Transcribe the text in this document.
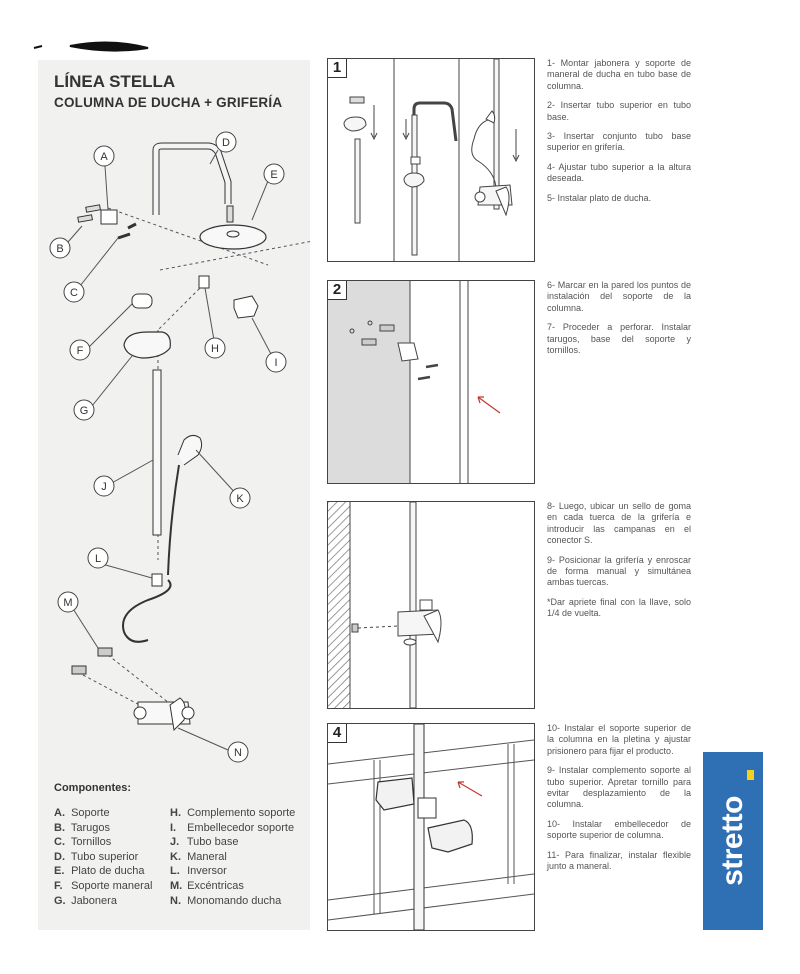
LÍNEA STELLA
COLUMNA DE DUCHA + GRIFERÍA
A
B
C
D
E
F
G
H
I
J
K
L
M
N
Componentes:
A. Soporte
B. Tarugos
C. Tornillos
D. Tubo superior
E. Plato de ducha
F. Soporte maneral
G. Jabonera
H. Complemento soporte
I. Embellecedor soporte
J. Tubo base
K. Maneral
L. Inversor
M. Excéntricas
N. Monomando ducha
1	1- Montar jabonera y soporte de maneral de ducha en tubo base de columna.

2- Insertar tubo superior en tubo base.

3- Insertar conjunto tubo base superior en grifería.

4- Ajustar tubo superior a la altura deseada.

5- Instalar plato de ducha.

2	6- Marcar en la pared los puntos de instalación del soporte de la columna.

7- Proceder a perforar. Instalar tarugos, base del soporte y tornillos.

8- Luego, ubicar un sello de goma en cada tuerca de la grifería e introducir las campanas en el conector S.

9- Posicionar la grifería y enroscar de forma manual y simultánea ambas tuercas.

*Dar apriete final con la llave, solo 1/4 de vuelta.

4	10- Instalar el soporte superior de la columna en la pletina y ajustar prisionero para fijar el producto.

9- Instalar complemento soporte al tubo superior. Apretar tornillo para evitar desplazamiento de la columna.

10- Instalar embellecedor de soporte superior de columna.

11- Para finalizar, instalar flexible junto a maneral.	stretto
